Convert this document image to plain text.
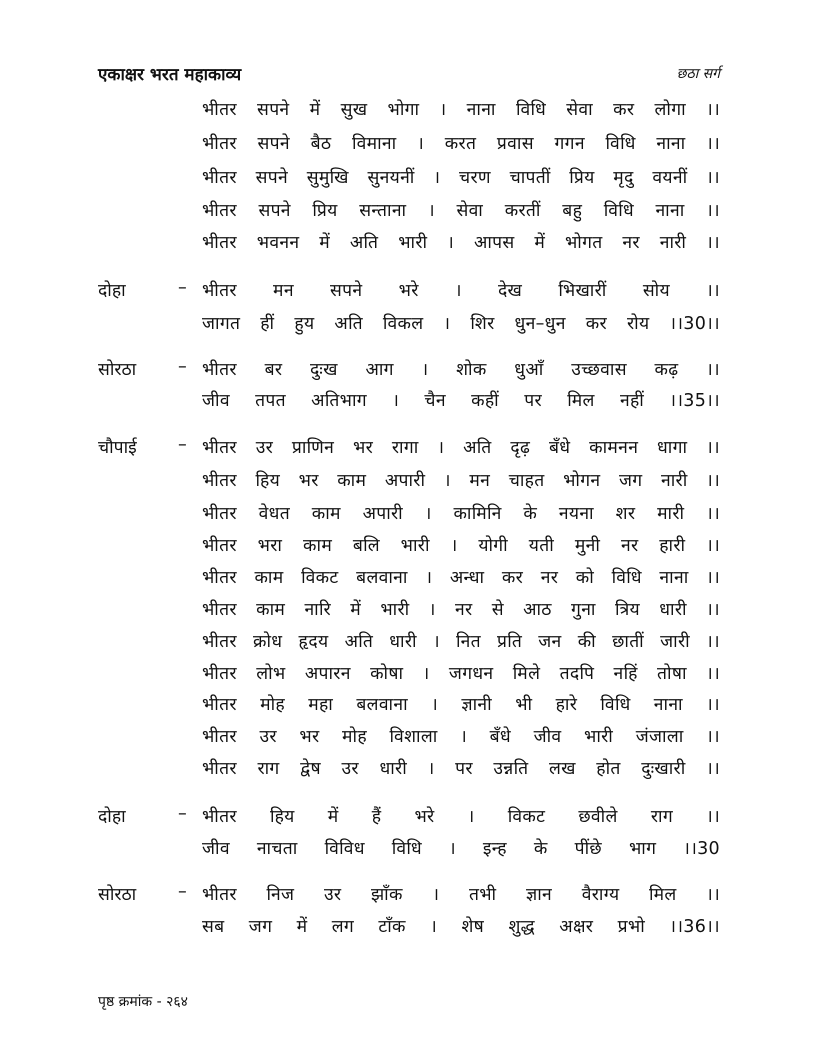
एकाक्षर भरत महाकाव्य	छठा सर्ग
भीतर सपने में सुख भोगा । नाना विधि सेवा कर लोगा ।।
भीतर सपने बैठ विमाना । करत प्रवास गगन विधि नाना ।।
भीतर सपने सुमुखि सुनयनीं । चरण चापतीं प्रिय मृदु वयनीं ।।
भीतर सपने प्रिय सन्ताना । सेवा करतीं बहु विधि नाना ।।
भीतर भवनन में अति भारी । आपस में भोगत नर नारी ।।
दोहा	– भीतर मन सपने भरे । देख भिखारीं सोय ।।
जागत हीं हुय अति विकल । शिर धुन–धुन कर रोय ।।30।।
सोरठा – भीतर बर दुःख आग । शोक धुआँ उच्छवास कढ़ ।।
जीव तपत अतिभाग । चैन कहीं पर मिल नहीं ।।35।।
चौपाई – भीतर उर प्राणिन भर रागा । अति दृढ़ बँधे कामनन धागा ।।
भीतर हिय भर काम अपारी । मन चाहत भोगन जग नारी ।।
भीतर वेधत काम अपारी । कामिनि के नयना शर मारी ।।
भीतर भरा काम बलि भारी । योगी यती मुनी नर हारी ।।
भीतर काम विकट बलवाना । अन्धा कर नर को विधि नाना ।।
भीतर काम नारि में भारी । नर से आठ गुना त्रिय धारी ।।
भीतर क्रोध हृदय अति धारी । नित प्रति जन की छातीं जारी ।।
भीतर लोभ अपारन कोषा । जगधन मिले तदपि नहिं तोषा ।।
भीतर मोह महा बलवाना । ज्ञानी भी हारे विधि नाना ।।
भीतर उर भर मोह विशाला । बँधे जीव भारी जंजाला ।।
भीतर राग द्वेष उर धारी । पर उन्नति लख होत दुःखारी ।।
दोहा	– भीतर हिय में हैं भरे । विकट छवीले राग ।।
जीव नाचता विविध विधि । इन्ह के पींछे भाग ।।30
सोरठा – भीतर निज उर झाँक । तभी ज्ञान वैराग्य मिल ।।
सब जग में लग टाँक । शेष शुद्ध अक्षर प्रभो ।।36।।
पृष्ठ क्रमांक - २६४
